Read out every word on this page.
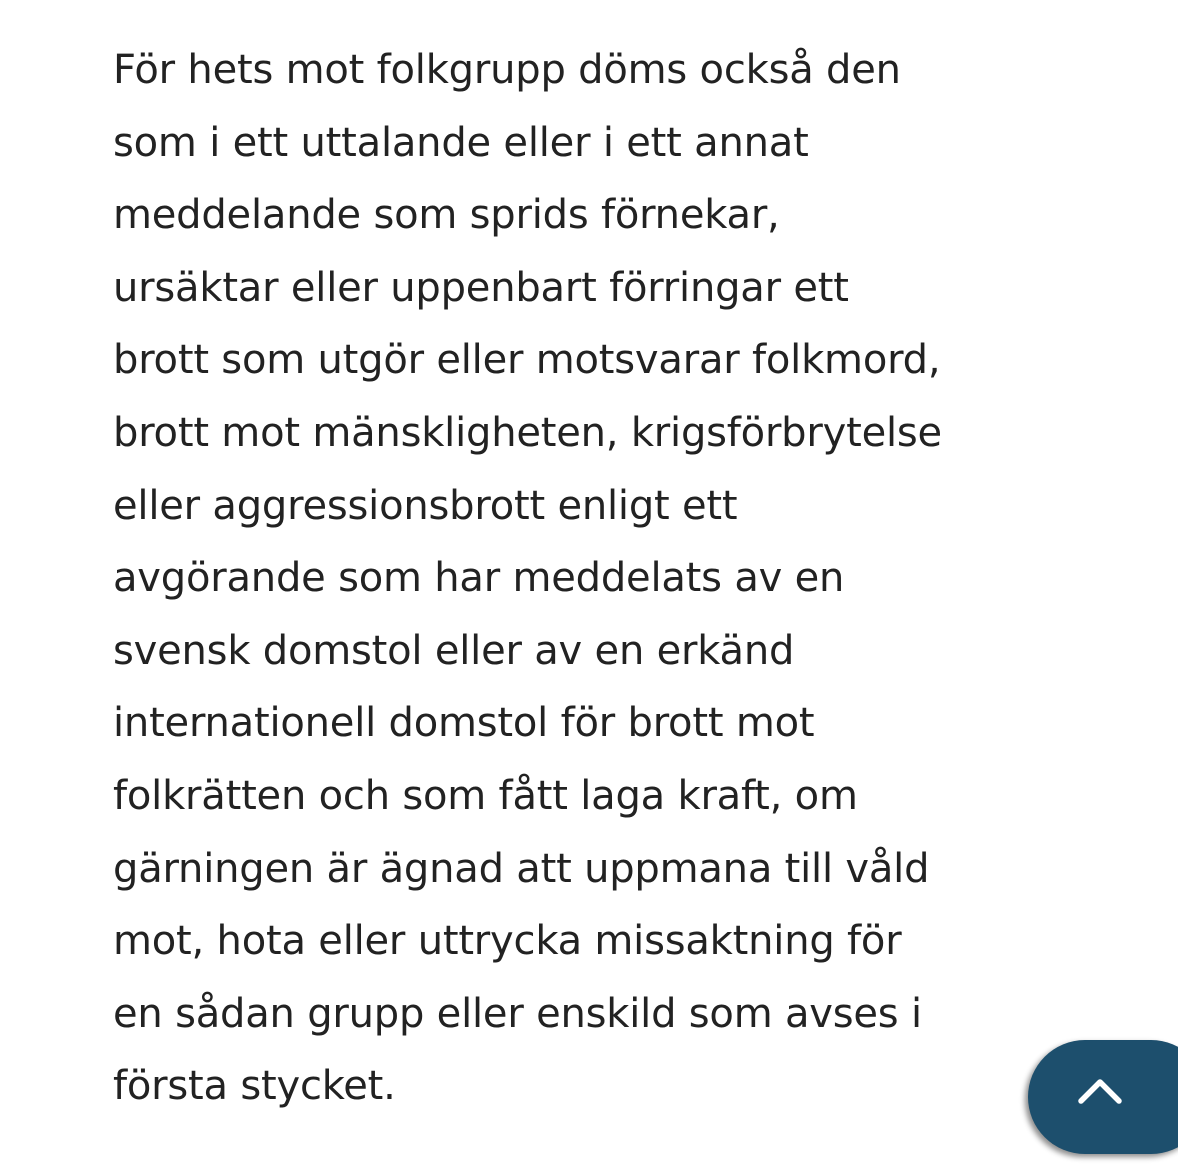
För hets mot folkgrupp döms också den
som i ett uttalande eller i ett annat
meddelande som sprids förnekar,
ursäktar eller uppenbart förringar ett
brott som utgör eller motsvarar folkmord,
brott mot mänskligheten, krigsförbrytelse
eller aggressionsbrott enligt ett
avgörande som har meddelats av en
svensk domstol eller av en erkänd
internationell domstol för brott mot
folkrätten och som fått laga kraft, om
gärningen är ägnad att uppmana till våld
mot, hota eller uttrycka missaktning för
en sådan grupp eller enskild som avses i
första stycket.
